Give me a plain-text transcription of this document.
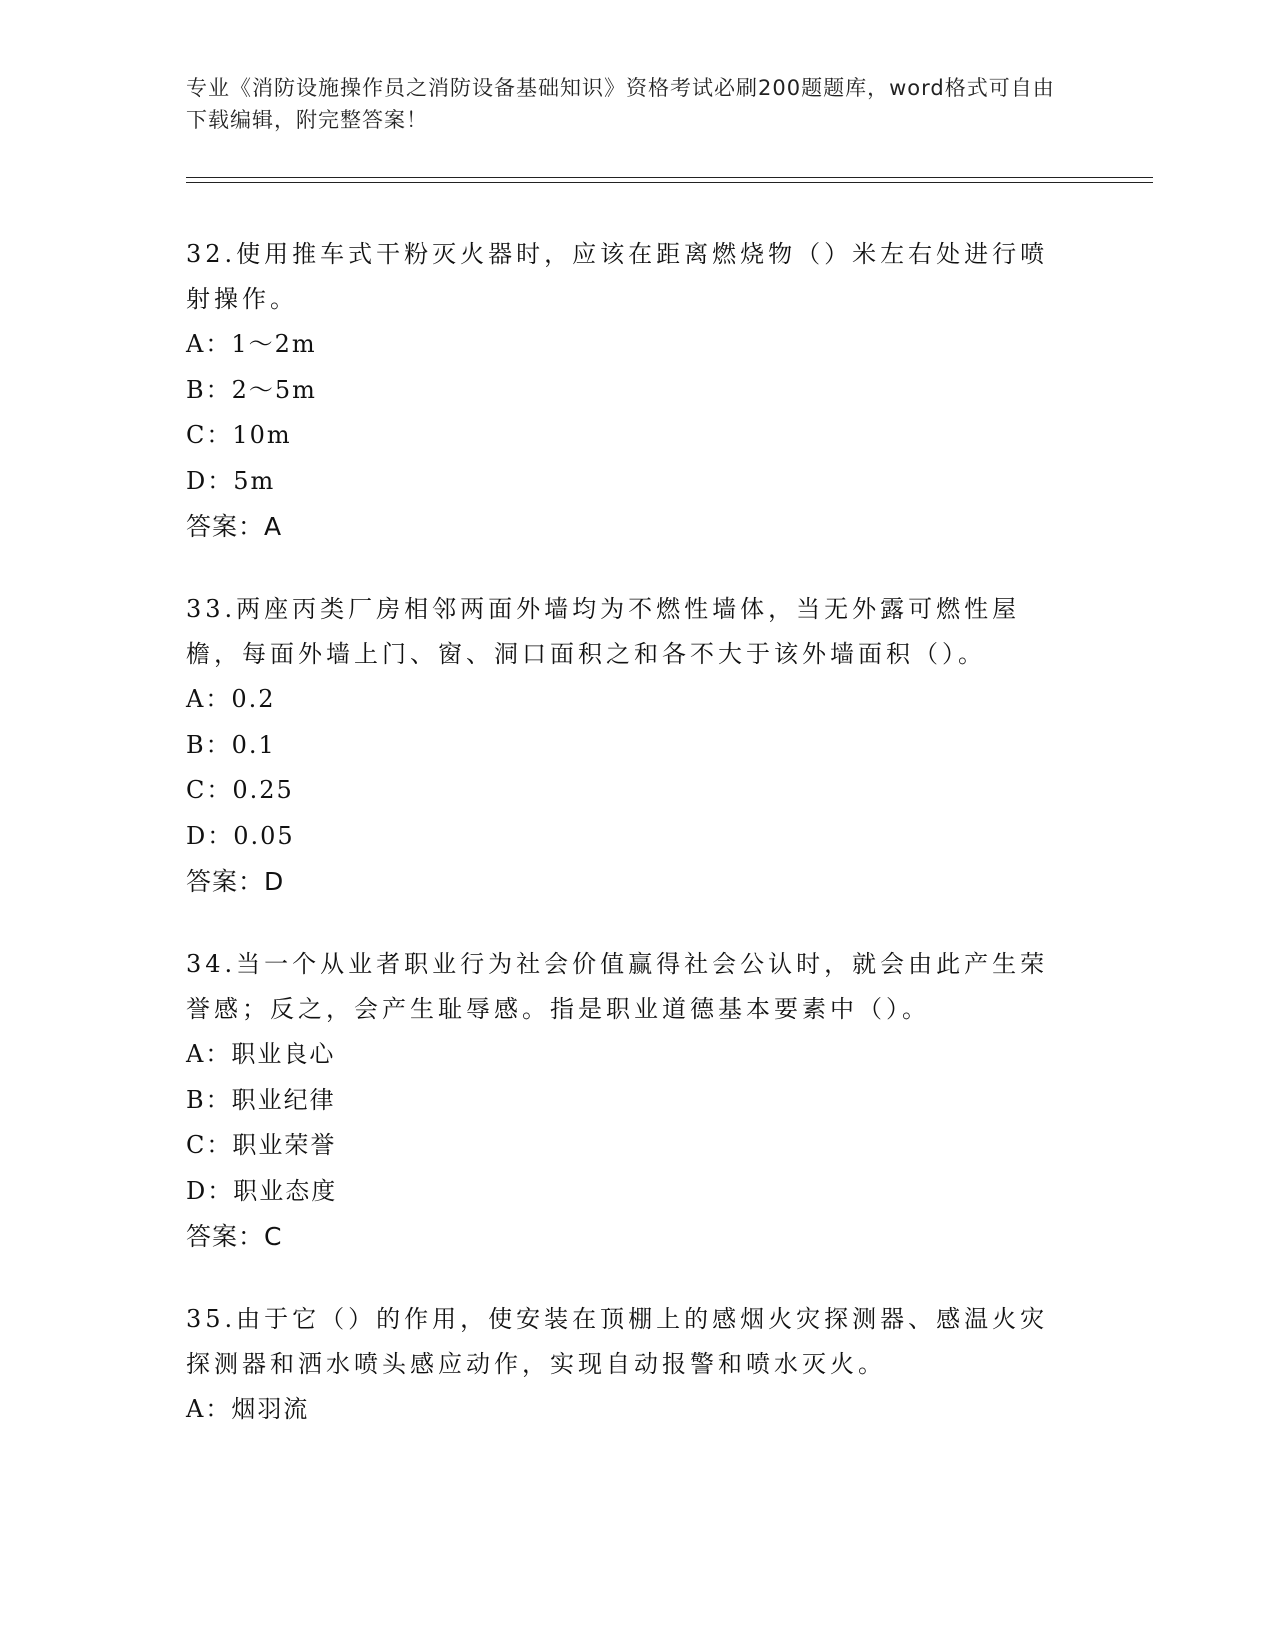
专业《消防设施操作员之消防设备基础知识》资格考试必刷200题题库，word格式可自由下载编辑，附完整答案！
32.使用推车式干粉灭火器时，应该在距离燃烧物（）米左右处进行喷射操作。
A：1～2m
B：2～5m
C：10m
D：5m
答案：A
33.两座丙类厂房相邻两面外墙均为不燃性墙体，当无外露可燃性屋檐，每面外墙上门、窗、洞口面积之和各不大于该外墙面积（）。
A：0.2
B：0.1
C：0.25
D：0.05
答案：D
34.当一个从业者职业行为社会价值赢得社会公认时，就会由此产生荣誉感；反之，会产生耻辱感。指是职业道德基本要素中（）。
A：职业良心
B：职业纪律
C：职业荣誉
D：职业态度
答案：C
35.由于它（）的作用，使安装在顶棚上的感烟火灾探测器、感温火灾探测器和洒水喷头感应动作，实现自动报警和喷水灭火。
A：烟羽流
